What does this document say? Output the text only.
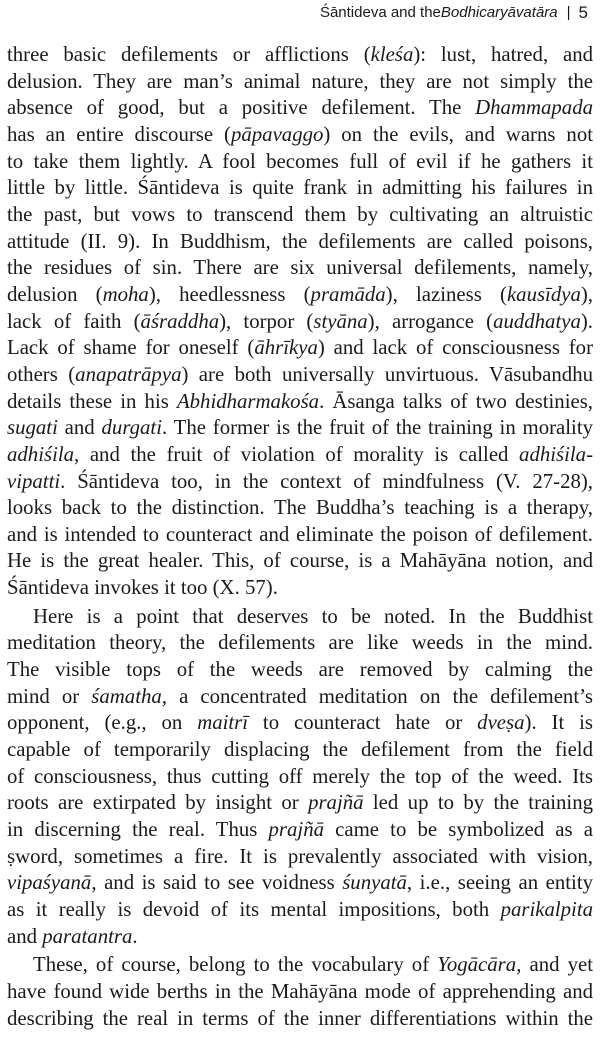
Śāntideva and the Bodhicaryāvatāra | 5
three basic defilements or afflictions (kleśa): lust, hatred, and
delusion. They are man’s animal nature, they are not simply the
absence of good, but a positive defilement. The Dhammapada
has an entire discourse (pāpavaggo) on the evils, and warns not
to take them lightly. A fool becomes full of evil if he gathers it
little by little. Śāntideva is quite frank in admitting his failures in
the past, but vows to transcend them by cultivating an altruistic
attitude (II. 9). In Buddhism, the defilements are called poisons,
the residues of sin. There are six universal defilements, namely,
delusion (moha), heedlessness (pramāda), laziness (kausīdya),
lack of faith (āśraddha), torpor (styāna), arrogance (auddhatya).
Lack of shame for oneself (āhrīkya) and lack of consciousness for
others (anapatrāpya) are both universally unvirtuous. Vāsubandhu
details these in his Abhidharmakośa. Āsanga talks of two destinies,
sugati and durgati. The former is the fruit of the training in morality
adhiśila, and the fruit of violation of morality is called adhiśila-
vipatti. Śāntideva too, in the context of mindfulness (V. 27-28),
looks back to the distinction. The Buddha’s teaching is a therapy,
and is intended to counteract and eliminate the poison of defilement.
He is the great healer. This, of course, is a Mahāyāna notion, and
Śāntideva invokes it too (X. 57).
Here is a point that deserves to be noted. In the Buddhist
meditation theory, the defilements are like weeds in the mind.
The visible tops of the weeds are removed by calming the
mind or śamatha, a concentrated meditation on the defilement’s
opponent, (e.g., on maitrī to counteract hate or dveṣa). It is
capable of temporarily displacing the defilement from the field
of consciousness, thus cutting off merely the top of the weed. Its
roots are extirpated by insight or prajñā led up to by the training
in discerning the real. Thus prajñā came to be symbolized as a
ṣword, sometimes a fire. It is prevalently associated with vision,
vipaśyanā, and is said to see voidness śunyatā, i.e., seeing an entity
as it really is devoid of its mental impositions, both parikalpita
and paratantra.
These, of course, belong to the vocabulary of Yogācāra, and yet
have found wide berths in the Mahāyāna mode of apprehending and
describing the real in terms of the inner differentiations within the
